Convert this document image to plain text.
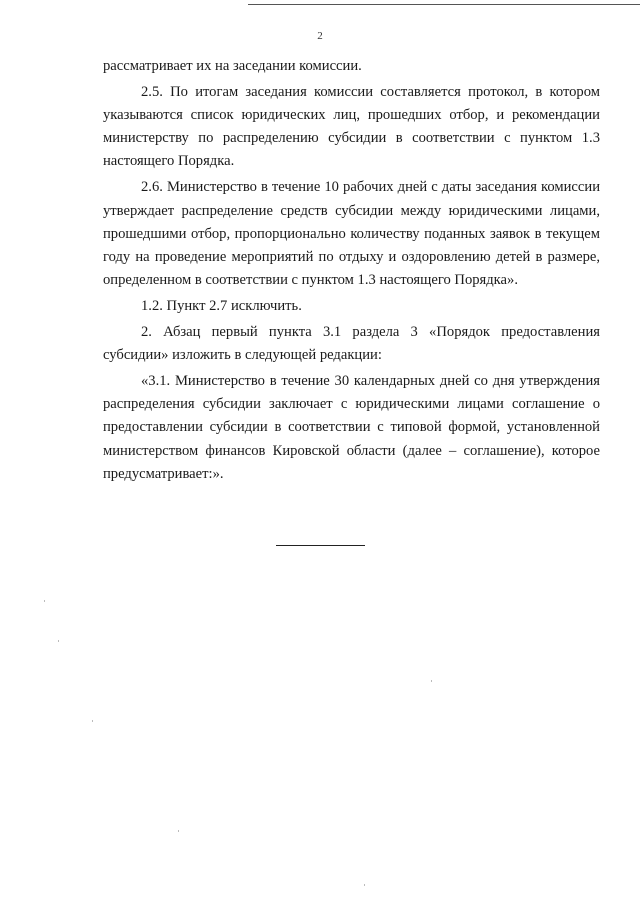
2

рассматривает их на заседании комиссии.

2.5. По итогам заседания комиссии составляется протокол, в котором указываются список юридических лиц, прошедших отбор, и рекомендации министерству по распределению субсидии в соответствии с пунктом 1.3 настоящего Порядка.

2.6. Министерство в течение 10 рабочих дней с даты заседания комиссии утверждает распределение средств субсидии между юридическими лицами, прошедшими отбор, пропорционально количеству поданных заявок в текущем году на проведение мероприятий по отдыху и оздоровлению детей в размере, определенном в соответствии с пунктом 1.3 настоящего Порядка».

1.2. Пункт 2.7 исключить.

2. Абзац первый пункта 3.1 раздела 3 «Порядок предоставления субсидии» изложить в следующей редакции:

«3.1. Министерство в течение 30 календарных дней со дня утверждения распределения субсидии заключает с юридическими лицами соглашение о предоставлении субсидии в соответствии с типовой формой, установленной министерством финансов Кировской области (далее – соглашение), которое предусматривает:».
